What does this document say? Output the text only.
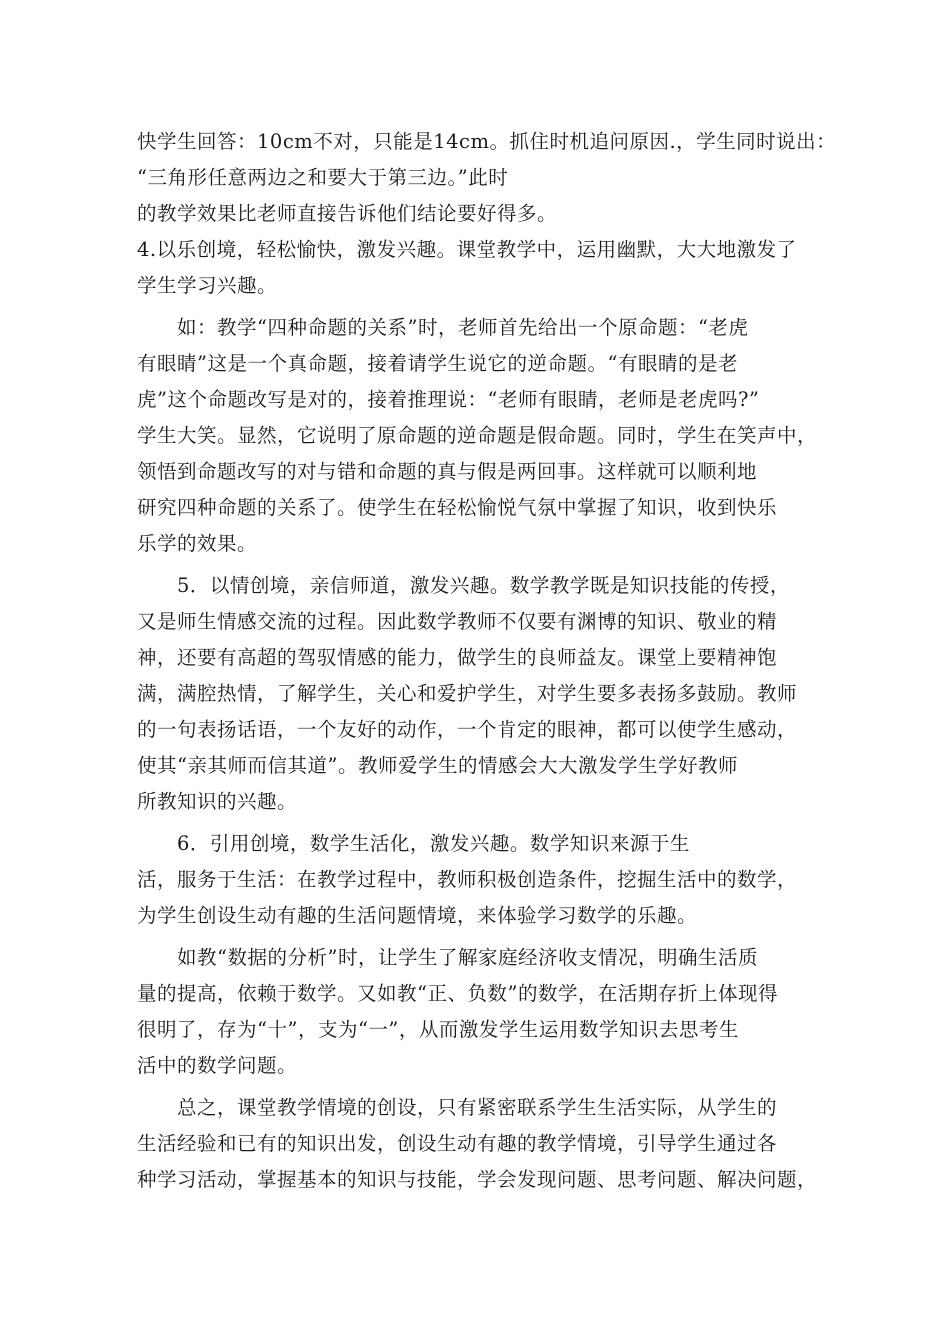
快学生回答：10cm不对，只能是14cm。抓住时机追问原因.，学生同时说出：
“三角形任意两边之和要大于第三边。”此时
的教学效果比老师直接告诉他们结论要好得多。
4.以乐创境，轻松愉快，激发兴趣。课堂教学中，运用幽默，大大地激发了
学生学习兴趣。
如：教学“四种命题的关系”时，老师首先给出一个原命题：“老虎
有眼睛”这是一个真命题，接着请学生说它的逆命题。“有眼睛的是老
虎”这个命题改写是对的，接着推理说：“老师有眼睛，老师是老虎吗?”
学生大笑。显然，它说明了原命题的逆命题是假命题。同时，学生在笑声中，
领悟到命题改写的对与错和命题的真与假是两回事。这样就可以顺利地
研究四种命题的关系了。使学生在轻松愉悦气氛中掌握了知识，收到快乐
乐学的效果。
5．以情创境，亲信师道，激发兴趣。数学教学既是知识技能的传授，
又是师生情感交流的过程。因此数学教师不仅要有渊博的知识、敬业的精
神，还要有高超的驾驭情感的能力，做学生的良师益友。课堂上要精神饱
满，满腔热情，了解学生，关心和爱护学生，对学生要多表扬多鼓励。教师
的一句表扬话语，一个友好的动作，一个肯定的眼神，都可以使学生感动，
使其“亲其师而信其道”。教师爱学生的情感会大大激发学生学好教师
所教知识的兴趣。
6．引用创境，数学生活化，激发兴趣。数学知识来源于生
活，服务于生活：在教学过程中，教师积极创造条件，挖掘生活中的数学，
为学生创设生动有趣的生活问题情境，来体验学习数学的乐趣。
如教“数据的分析”时，让学生了解家庭经济收支情况，明确生活质
量的提高，依赖于数学。又如教“正、负数”的数学，在活期存折上体现得
很明了，存为“十”，支为“一”，从而激发学生运用数学知识去思考生
活中的数学问题。
总之，课堂教学情境的创设，只有紧密联系学生生活实际，从学生的
生活经验和已有的知识出发，创设生动有趣的教学情境，引导学生通过各
种学习活动，掌握基本的知识与技能，学会发现问题、思考问题、解决问题，
